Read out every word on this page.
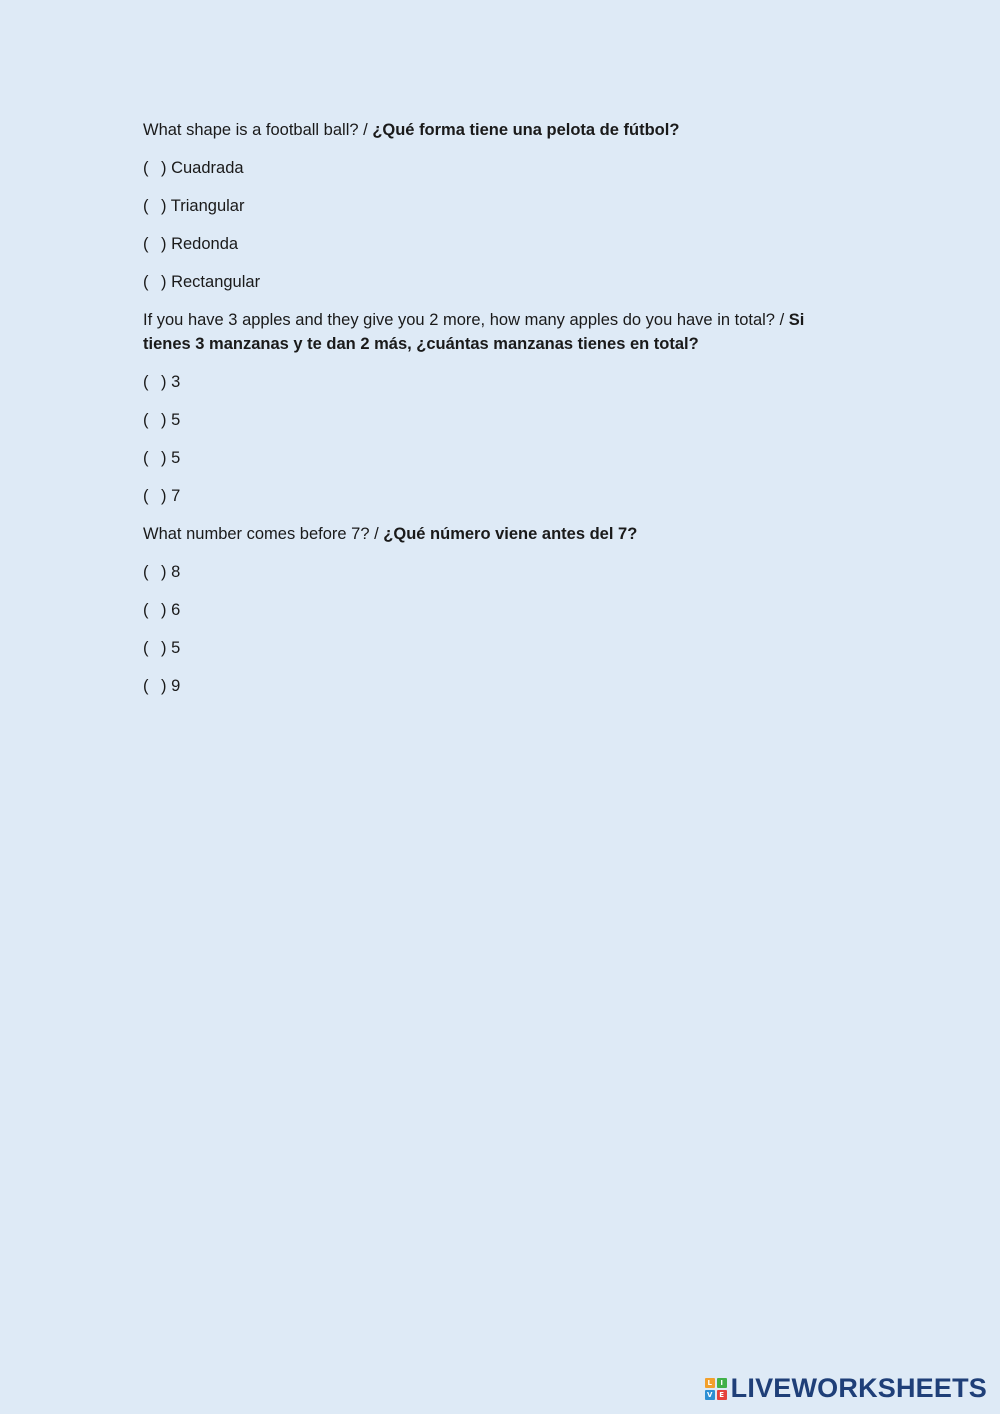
What shape is a football ball? / ¿Qué forma tiene una pelota de fútbol?

( ) Cuadrada
( ) Triangular
( ) Redonda
( ) Rectangular

If you have 3 apples and they give you 2 more, how many apples do you have in total? / Si tienes 3 manzanas y te dan 2 más, ¿cuántas manzanas tienes en total?

( ) 3
( ) 5
( ) 5
( ) 7

What number comes before 7? / ¿Qué número viene antes del 7?

( ) 8
( ) 6
( ) 5
( ) 9
L	I
V E LIVEWORKSHEETS
